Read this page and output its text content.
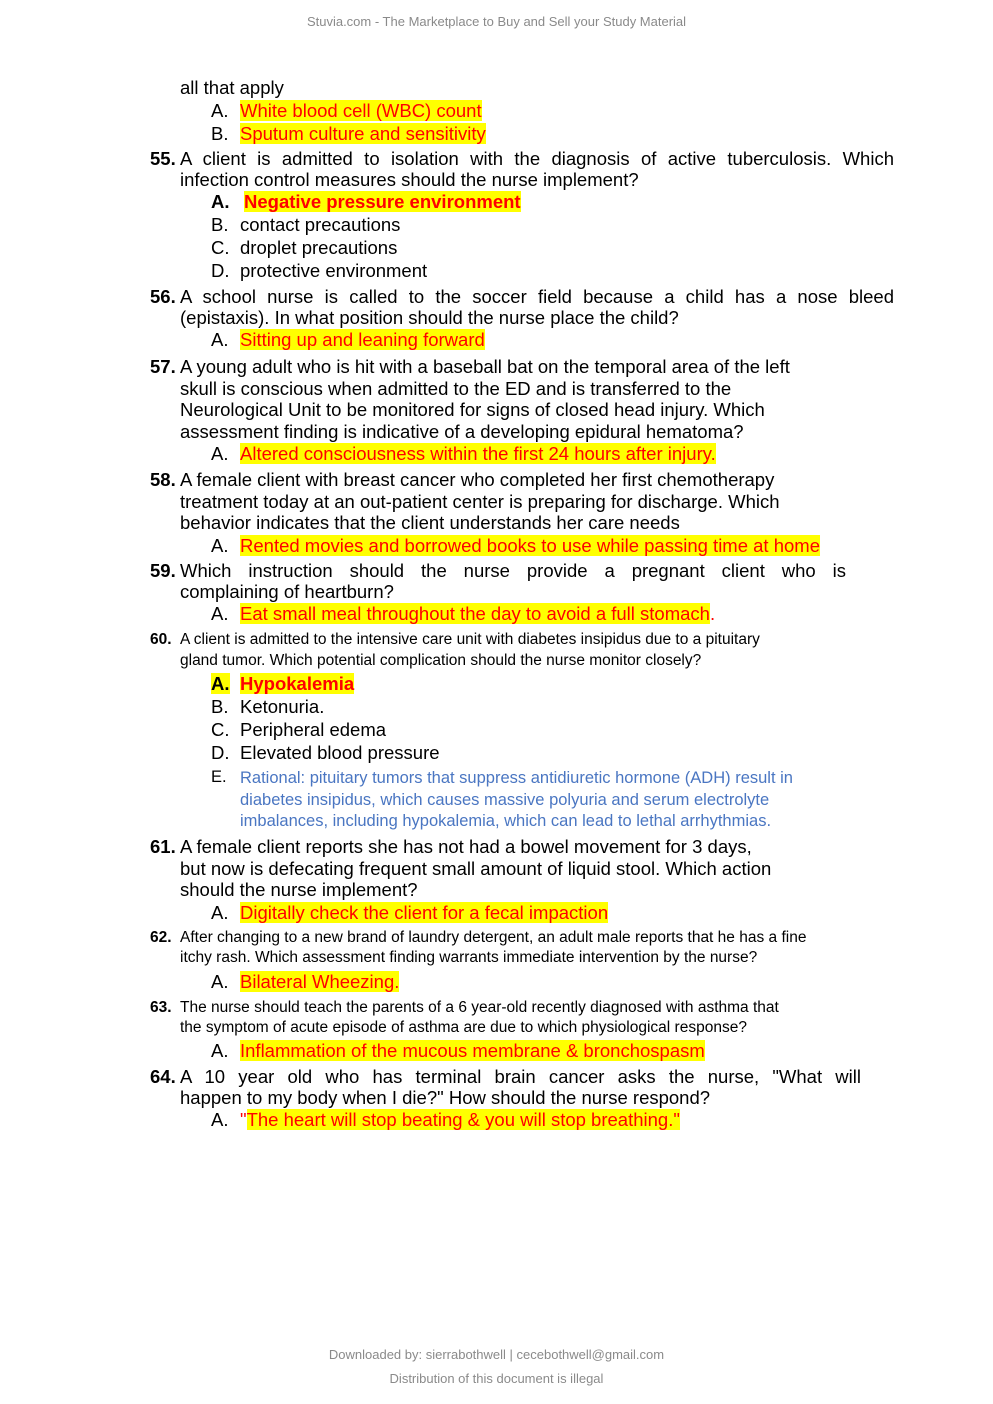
Stuvia.com - The Marketplace to Buy and Sell your Study Material
all that apply
A. White blood cell (WBC) count
B. Sputum culture and sensitivity
55. A client is admitted to isolation with the diagnosis of active tuberculosis. Which
infection control measures should the nurse implement?
A. Negative pressure environment
B. contact precautions
C. droplet precautions
D. protective environment
56. A school nurse is called to the soccer field because a child has a nose bleed
(epistaxis). In what position should the nurse place the child?
A. Sitting up and leaning forward
57. A young adult who is hit with a baseball bat on the temporal area of the left
skull is conscious when admitted to the ED and is transferred to the
Neurological Unit to be monitored for signs of closed head injury. Which
assessment finding is indicative of a developing epidural hematoma?
A. Altered consciousness within the first 24 hours after injury.
58. A female client with breast cancer who completed her first chemotherapy
treatment today at an out-patient center is preparing for discharge. Which
behavior indicates that the client understands her care needs
A. Rented movies and borrowed books to use while passing time at home
59. Which instruction should the nurse provide a pregnant client who is
complaining of heartburn?
A. Eat small meal throughout the day to avoid a full stomach.
60. A client is admitted to the intensive care unit with diabetes insipidus due to a pituitary
gland tumor. Which potential complication should the nurse monitor closely?
A. Hypokalemia
B. Ketonuria.
C. Peripheral edema
D. Elevated blood pressure
E. Rational: pituitary tumors that suppress antidiuretic hormone (ADH) result in
diabetes insipidus, which causes massive polyuria and serum electrolyte
imbalances, including hypokalemia, which can lead to lethal arrhythmias.
61. A female client reports she has not had a bowel movement for 3 days,
but now is defecating frequent small amount of liquid stool. Which action
should the nurse implement?
A. Digitally check the client for a fecal impaction
62. After changing to a new brand of laundry detergent, an adult male reports that he has a fine
itchy rash. Which assessment finding warrants immediate intervention by the nurse?
A. Bilateral Wheezing.
63. The nurse should teach the parents of a 6 year-old recently diagnosed with asthma that
the symptom of acute episode of asthma are due to which physiological response?
A. Inflammation of the mucous membrane & bronchospasm
64. A 10 year old who has terminal brain cancer asks the nurse, "What will
happen to my body when I die?" How should the nurse respond?
A. "The heart will stop beating & you will stop breathing."
Downloaded by: sierrabothwell | cecebothwell@gmail.com
Distribution of this document is illegal
